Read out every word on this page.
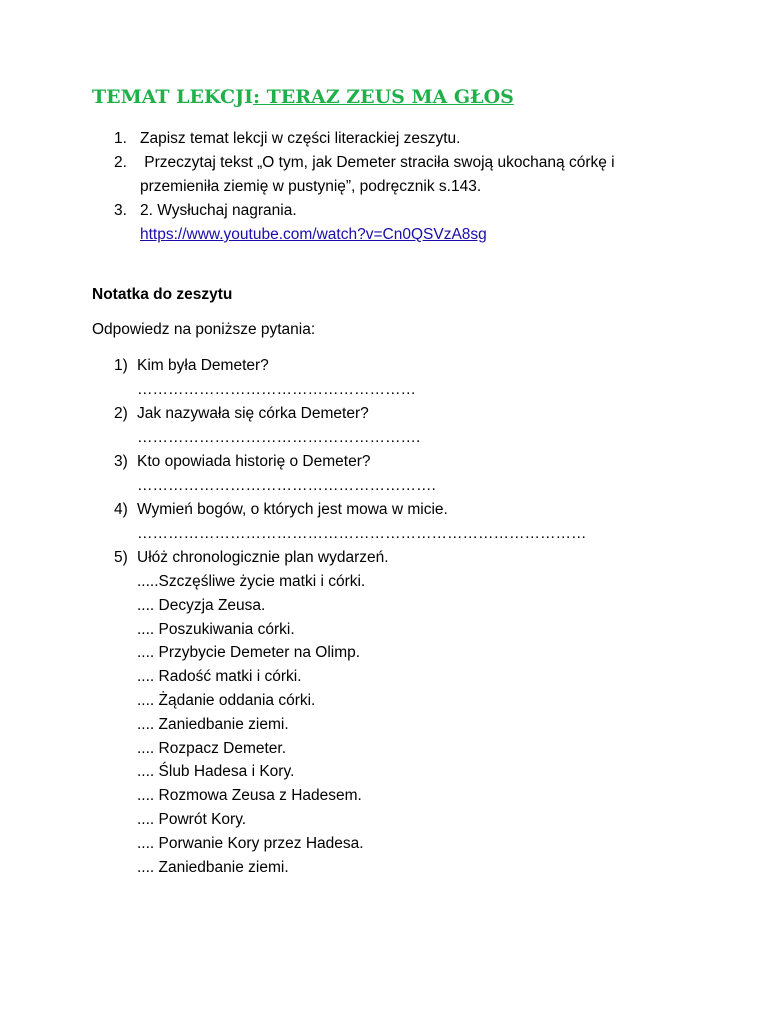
TEMAT LEKCJI: TERAZ ZEUS MA GŁOS
1. Zapisz temat lekcji w części literackiej zeszytu.
2. Przeczytaj tekst „O tym, jak Demeter straciła swoją ukochaną córkę i
przemieniła ziemię w pustynię”, podręcznik s.143.
3. 2. Wysłuchaj nagrania.
https://www.youtube.com/watch?v=Cn0QSVzA8sg
Notatka do zeszytu
Odpowiedz na poniższe pytania:
1) Kim była Demeter?
………………………………………………
2) Jak nazywała się córka Demeter?
……………………………………………….
3) Kto opowiada historię o Demeter?
………………………………………………….
4) Wymień bogów, o których jest mowa w micie.
……………………………………………………………………………
5) Ułóż chronologicznie plan wydarzeń.
.....Szczęśliwe życie matki i córki.
.... Decyzja Zeusa.
.... Poszukiwania córki.
.... Przybycie Demeter na Olimp.
.... Radość matki i córki.
.... Żądanie oddania córki.
.... Zaniedbanie ziemi.
.... Rozpacz Demeter.
.... Ślub Hadesa i Kory.
.... Rozmowa Zeusa z Hadesem.
.... Powrót Kory.
.... Porwanie Kory przez Hadesa.
.... Zaniedbanie ziemi.
